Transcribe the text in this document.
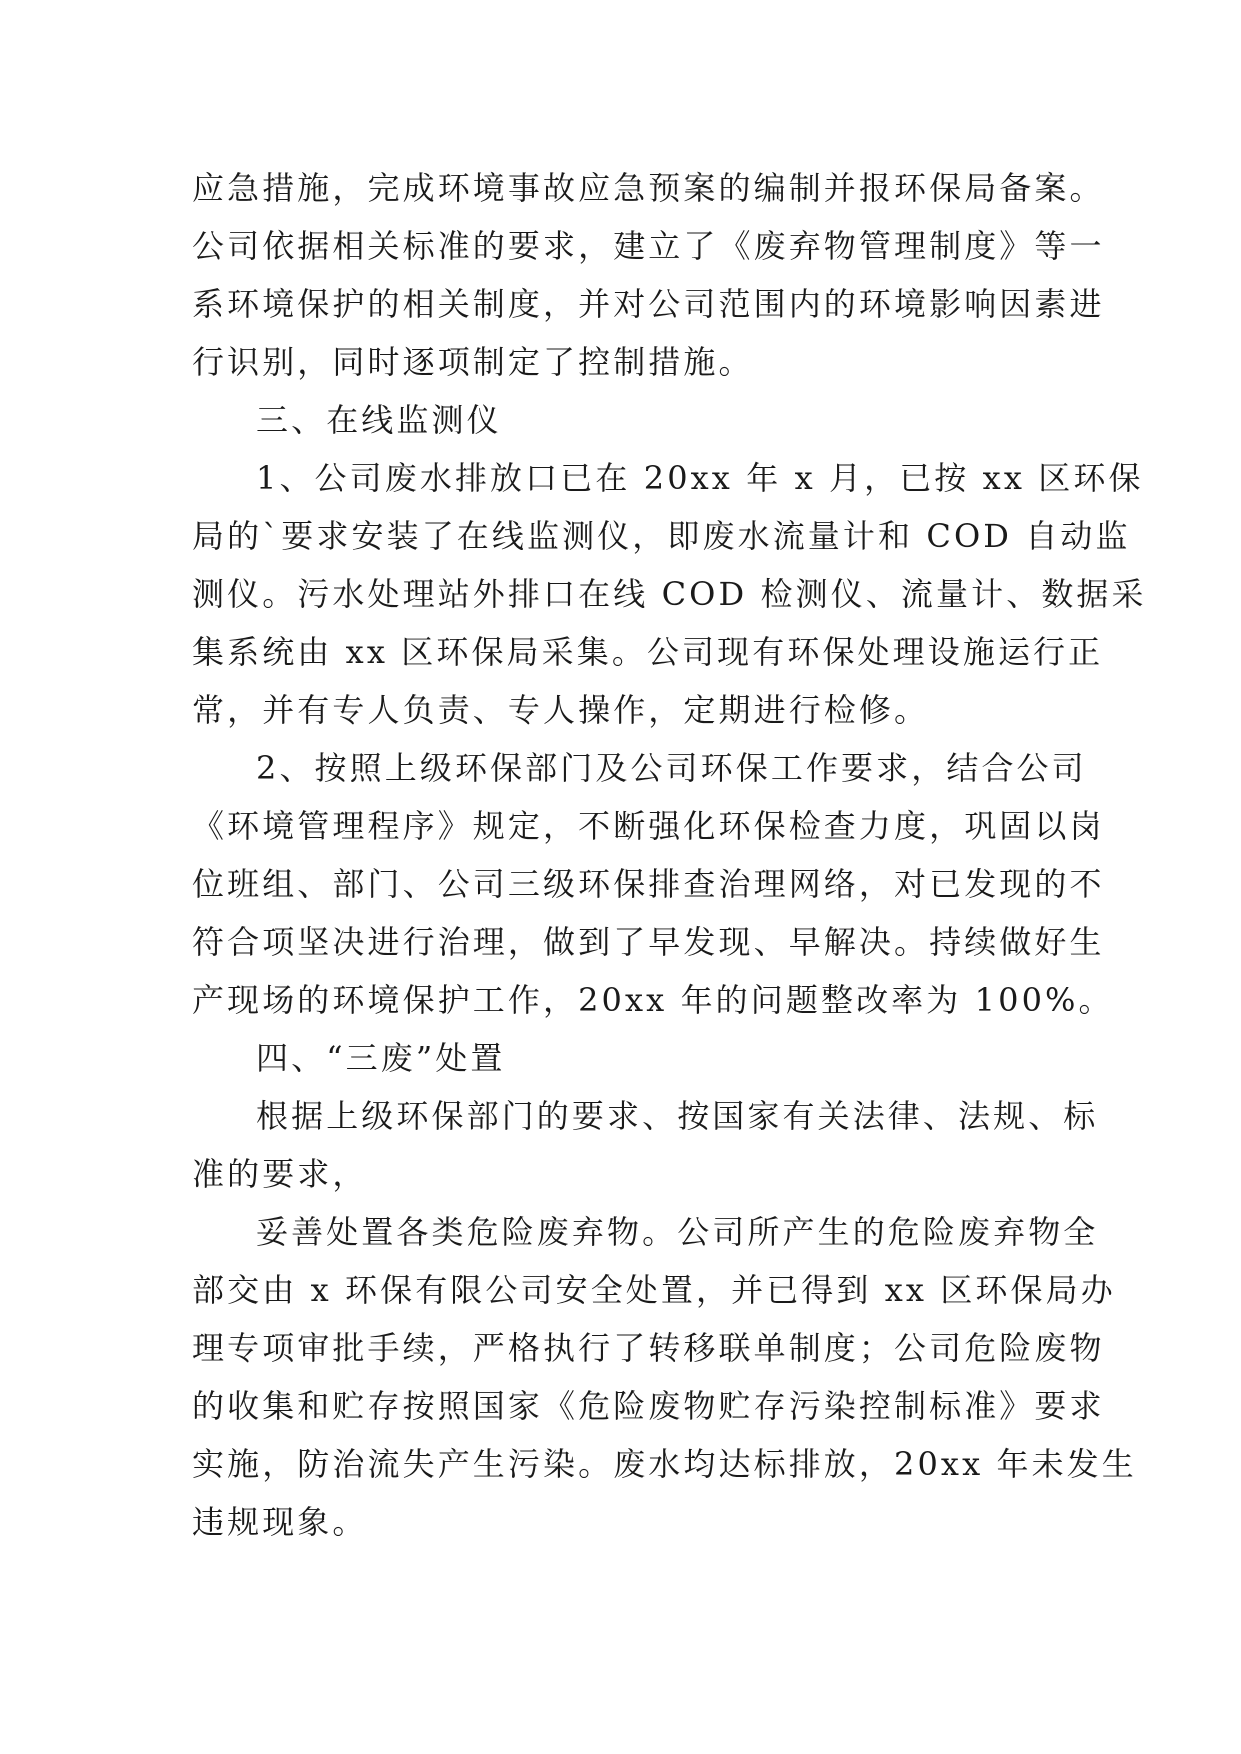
应急措施，完成环境事故应急预案的编制并报环保局备案。
公司依据相关标准的要求，建立了《废弃物管理制度》等一
系环境保护的相关制度，并对公司范围内的环境影响因素进
行识别，同时逐项制定了控制措施。
三、在线监测仪
1、公司废水排放口已在 20xx 年 x 月，已按 xx 区环保
局的`要求安装了在线监测仪，即废水流量计和 COD 自动监
测仪。污水处理站外排口在线 COD 检测仪、流量计、数据采
集系统由 xx 区环保局采集。公司现有环保处理设施运行正
常，并有专人负责、专人操作，定期进行检修。
2、按照上级环保部门及公司环保工作要求，结合公司
《环境管理程序》规定，不断强化环保检查力度，巩固以岗
位班组、部门、公司三级环保排查治理网络，对已发现的不
符合项坚决进行治理，做到了早发现、早解决。持续做好生
产现场的环境保护工作，20xx 年的问题整改率为 100%。
四、“三废”处置
根据上级环保部门的要求、按国家有关法律、法规、标
准的要求，
妥善处置各类危险废弃物。公司所产生的危险废弃物全
部交由 x 环保有限公司安全处置，并已得到 xx 区环保局办
理专项审批手续，严格执行了转移联单制度；公司危险废物
的收集和贮存按照国家《危险废物贮存污染控制标准》要求
实施，防治流失产生污染。废水均达标排放，20xx 年未发生
违规现象。
